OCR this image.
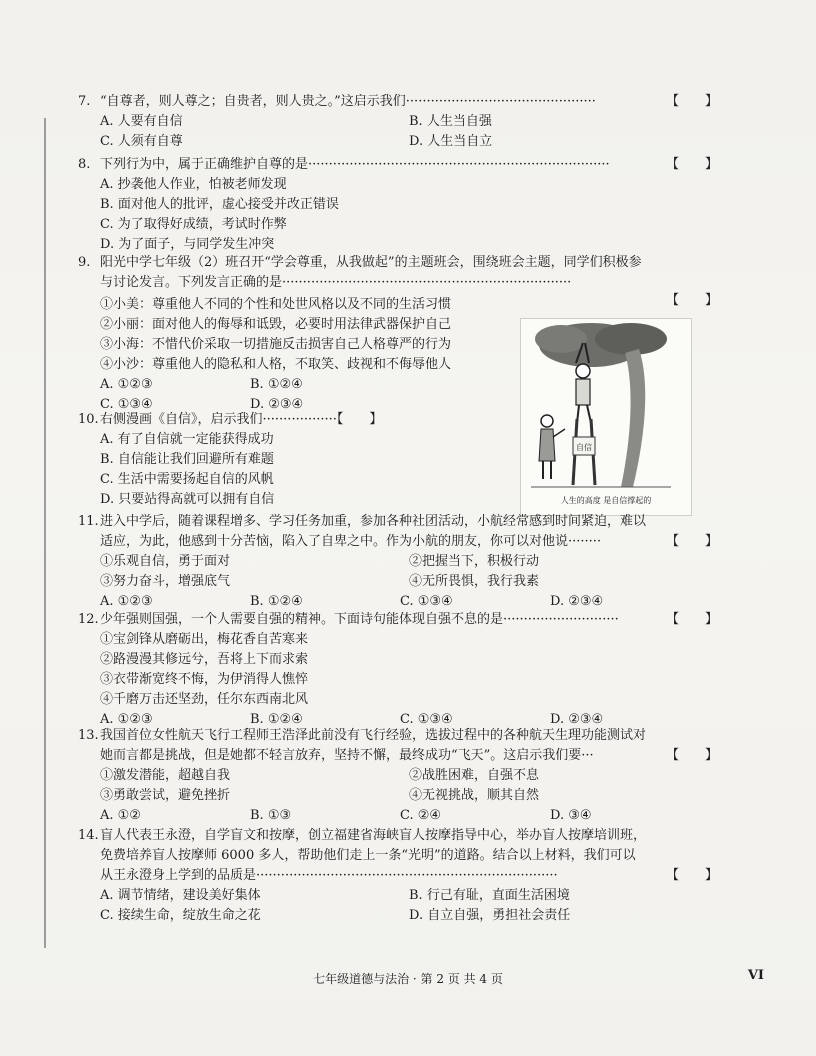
7. “自尊者，则人尊之；自贵者，则人贵之。”这启示我们··············································	【　　】
A. 人要有自信	B. 人生当自强
C. 人须有自尊	D. 人生当自立
8. 下列行为中，属于正确维护自尊的是·········································································	【　　】
A. 抄袭他人作业，怕被老师发现
B. 面对他人的批评，虚心接受并改正错误
C. 为了取得好成绩，考试时作弊
D. 为了面子，与同学发生冲突
9. 阳光中学七年级（2）班召开“学会尊重，从我做起”的主题班会，围绕班会主题，同学们积极参
与讨论发言。下列发言正确的是······································································
【　　】
①小美：尊重他人不同的个性和处世风格以及不同的生活习惯
②小丽：面对他人的侮辱和诋毁，必要时用法律武器保护自己
③小海：不惜代价采取一切措施反击损害自己人格尊严的行为
④小沙：尊重他人的隐私和人格，不取笑、歧视和不侮辱他人
A. ①②③	B. ①②④
C. ①③④	D. ②③④
10.右侧漫画《自信》，启示我们··················【　　】
A. 有了自信就一定能获得成功
B. 自信能让我们回避所有难题
C. 生活中需要扬起自信的风帆
D. 只要站得高就可以拥有自信
自信
人生的高度 是自信撑起的
11.进入中学后，随着课程增多、学习任务加重，参加各种社团活动，小航经常感到时间紧迫，难以
适应，为此，他感到十分苦恼，陷入了自卑之中。作为小航的朋友，你可以对他说········	【　　】
①乐观自信，勇于面对	②把握当下，积极行动
③努力奋斗，增强底气	④无所畏惧，我行我素
A. ①②③	B. ①②④	C. ①③④	D. ②③④
12.少年强则国强，一个人需要自强的精神。下面诗句能体现自强不息的是····························	【　　】
①宝剑锋从磨砺出，梅花香自苦寒来
②路漫漫其修远兮，吾将上下而求索
③衣带渐宽终不悔，为伊消得人憔悴
④千磨万击还坚劲，任尔东西南北风
A. ①②③	B. ①②④	C. ①③④	D. ②③④
13.我国首位女性航天飞行工程师王浩泽此前没有飞行经验，选拔过程中的各种航天生理功能测试对
她而言都是挑战，但是她都不轻言放弃，坚持不懈，最终成功“飞天”。这启示我们要···	【　　】
①激发潜能，超越自我	②战胜困难，自强不息
③勇敢尝试，避免挫折	④无视挑战，顺其自然
A. ①②	B. ①③	C. ②④	D. ③④
14.盲人代表王永澄，自学盲文和按摩，创立福建省海峡盲人按摩指导中心，举办盲人按摩培训班，
免费培养盲人按摩师 6000 多人，帮助他们走上一条“光明”的道路。结合以上材料，我们可以
从王永澄身上学到的品质是·········································································	【　　】
A. 调节情绪，建设美好集体	B. 行己有耻，直面生活困境
C. 接续生命，绽放生命之花	D. 自立自强，勇担社会责任
七年级道德与法治 · 第 2 页 共 4 页	VI
